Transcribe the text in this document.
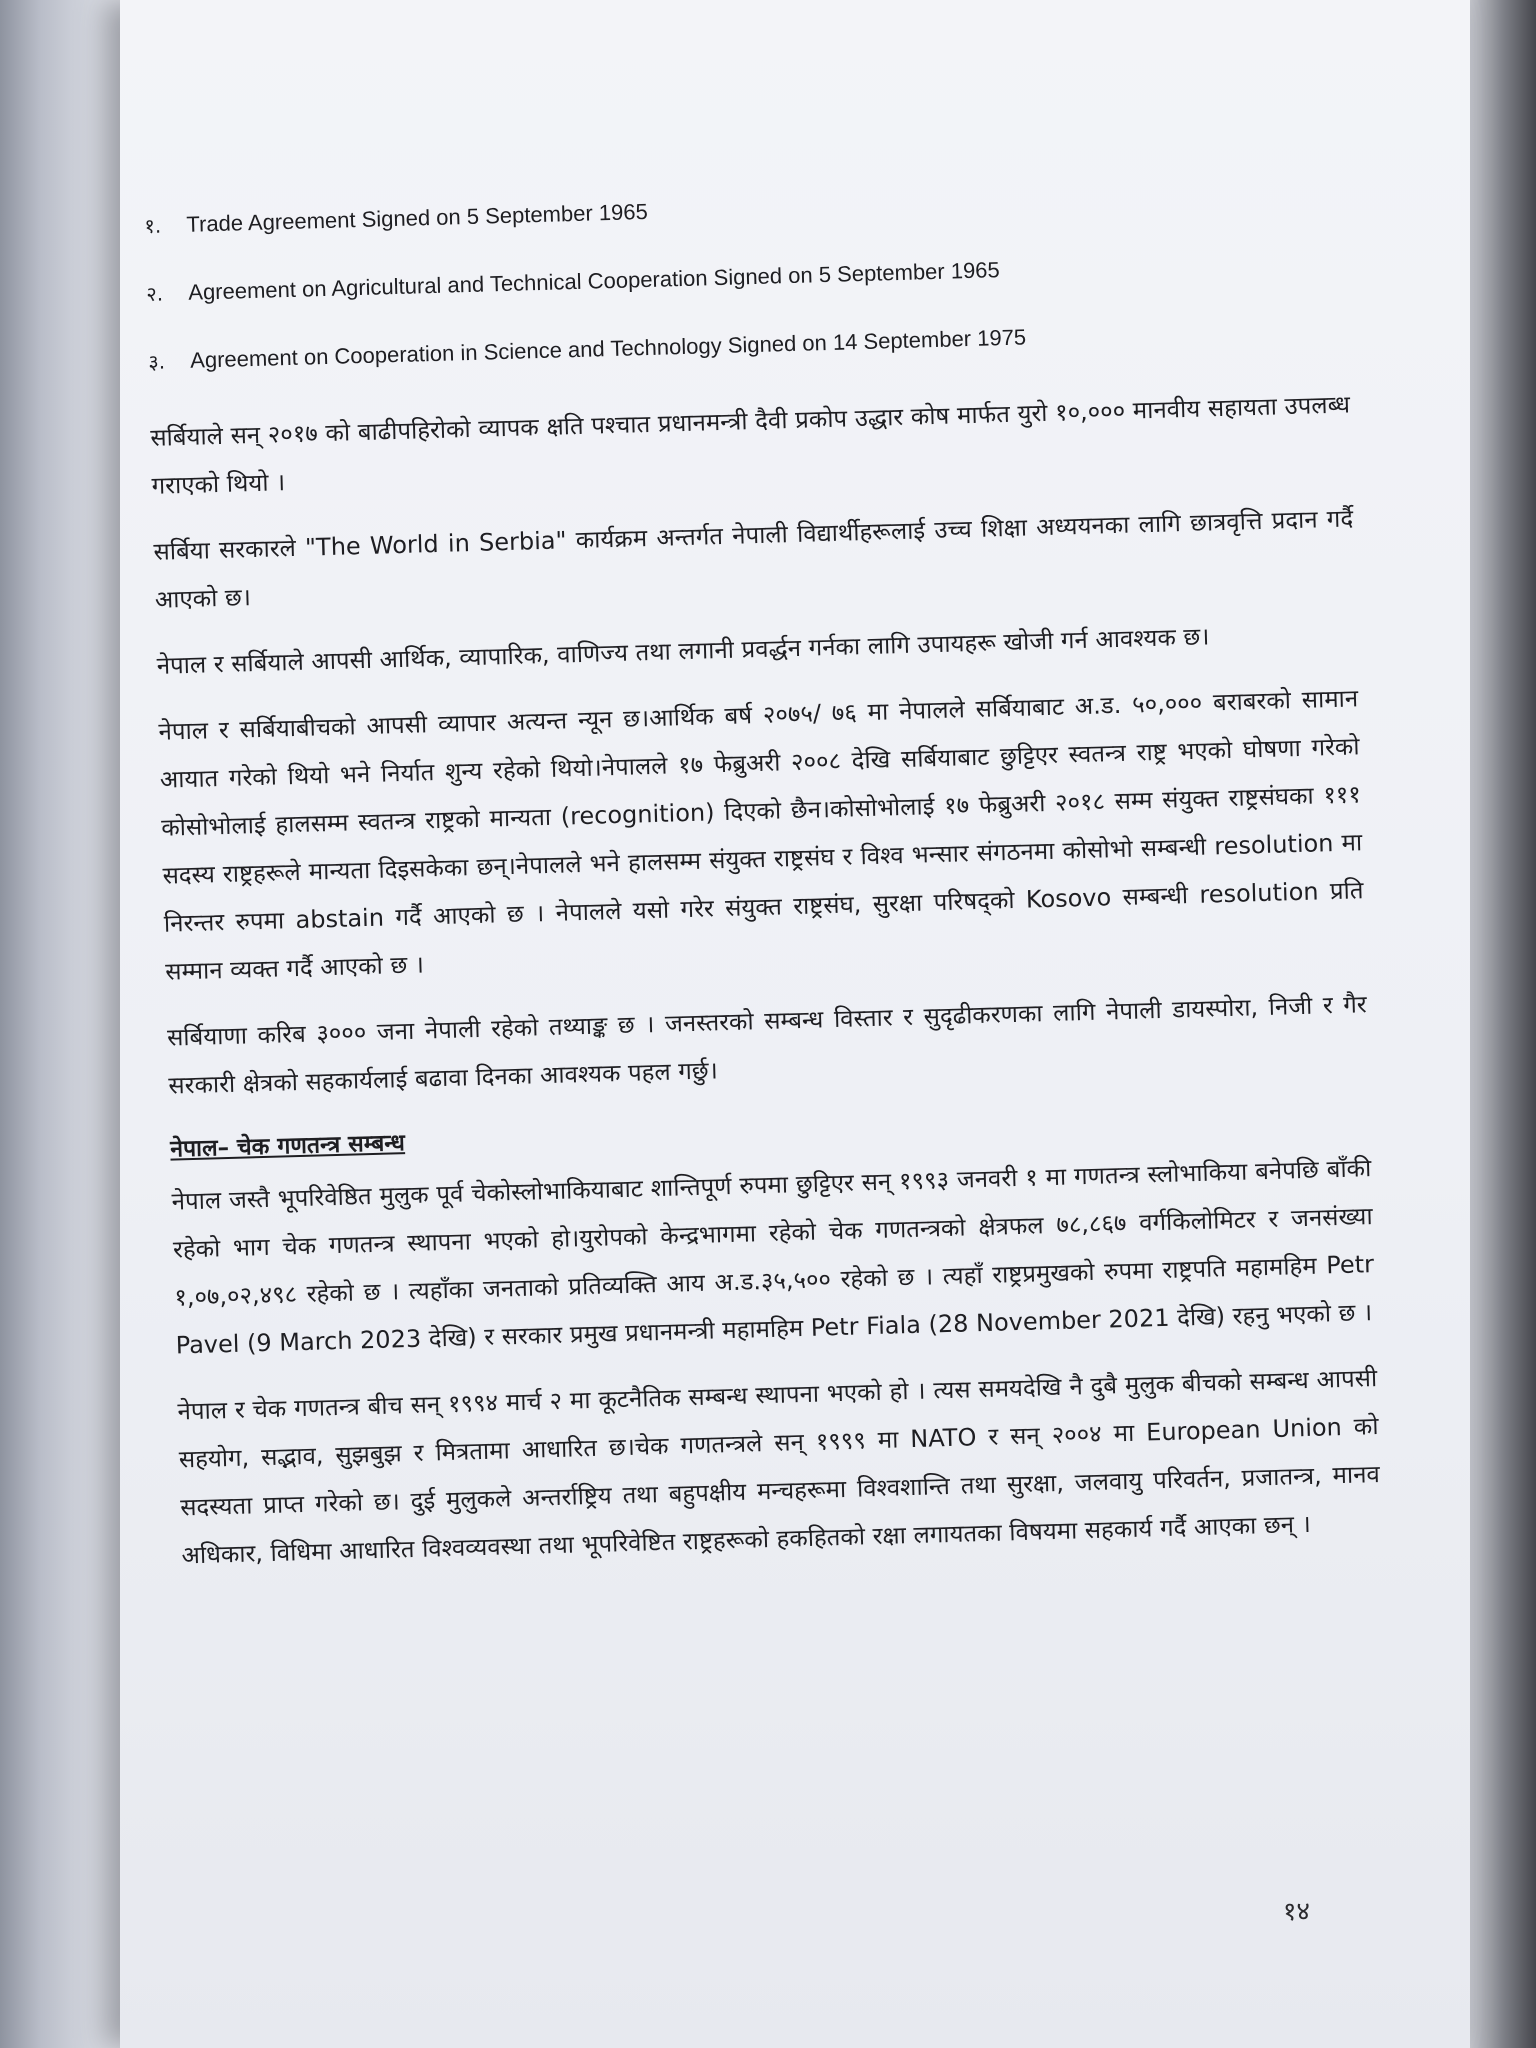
१.	Trade Agreement Signed on 5 September 1965
२.	Agreement on Agricultural and Technical Cooperation Signed on 5 September 1965
३.	Agreement on Cooperation in Science and Technology Signed on 14 September 1975

सर्बियाले सन् २०१७ को बाढीपहिरोको व्यापक क्षति पश्चात प्रधानमन्त्री दैवी प्रकोप उद्धार कोष मार्फत युरो १०,००० मानवीय सहायता उपलब्ध गराएको थियो ।

सर्बिया सरकारले "The World in Serbia" कार्यक्रम अन्तर्गत नेपाली विद्यार्थीहरूलाई उच्च शिक्षा अध्ययनका लागि छात्रवृत्ति प्रदान गर्दै आएको छ।

नेपाल र सर्बियाले आपसी आर्थिक, व्यापारिक, वाणिज्य तथा लगानी प्रवर्द्धन गर्नका लागि उपायहरू खोजी गर्न आवश्यक छ।

नेपाल र सर्बियाबीचको आपसी व्यापार अत्यन्त न्यून छ।आर्थिक बर्ष २०७५/ ७६ मा नेपालले सर्बियाबाट अ.ड. ५०,००० बराबरको सामान आयात गरेको थियो भने निर्यात शुन्य रहेको थियो।नेपालले १७ फेब्रुअरी २००८ देखि सर्बियाबाट छुट्टिएर स्वतन्त्र राष्ट्र भएको घोषणा गरेको कोसोभोलाई हालसम्म स्वतन्त्र राष्ट्रको मान्यता (recognition) दिएको छैन।कोसोभोलाई १७ फेब्रुअरी २०१८ सम्म संयुक्त राष्ट्रसंघका १११ सदस्य राष्ट्रहरूले मान्यता दिइसकेका छन्।नेपालले भने हालसम्म संयुक्त राष्ट्रसंघ र विश्व भन्सार संगठनमा कोसोभो सम्बन्धी resolution मा निरन्तर रुपमा abstain गर्दै आएको छ । नेपालले यसो गरेर संयुक्त राष्ट्रसंघ, सुरक्षा परिषद्को Kosovo सम्बन्धी resolution प्रति सम्मान व्यक्त गर्दै आएको छ ।

सर्बियाणा करिब ३००० जना नेपाली रहेको तथ्याङ्क छ । जनस्तरको सम्बन्ध विस्तार र सुदृढीकरणका लागि नेपाली डायस्पोरा, निजी र गैर सरकारी क्षेत्रको सहकार्यलाई बढावा दिनका आवश्यक पहल गर्छु।

नेपाल– चेक गणतन्त्र सम्बन्ध

नेपाल जस्तै भूपरिवेष्ठित मुलुक पूर्व चेकोस्लोभाकियाबाट शान्तिपूर्ण रुपमा छुट्टिएर सन् १९९३ जनवरी १ मा गणतन्त्र स्लोभाकिया बनेपछि बाँकी रहेको भाग चेक गणतन्त्र स्थापना भएको हो।युरोपको केन्द्रभागमा रहेको चेक गणतन्त्रको क्षेत्रफल ७८,८६७ वर्गकिलोमिटर र जनसंख्या १,०७,०२,४९८ रहेको छ । त्यहाँका जनताको प्रतिव्यक्ति आय अ.ड.३५,५०० रहेको छ । त्यहाँ राष्ट्रप्रमुखको रुपमा राष्ट्रपति महामहिम Petr Pavel (9 March 2023 देखि) र सरकार प्रमुख प्रधानमन्त्री महामहिम Petr Fiala (28 November 2021 देखि) रहनु भएको छ ।

नेपाल र चेक गणतन्त्र बीच सन् १९९४ मार्च २ मा कूटनैतिक सम्बन्ध स्थापना भएको हो । त्यस समयदेखि नै दुबै मुलुक बीचको सम्बन्ध आपसी सहयोग, सद्भाव, सुझबुझ र मित्रतामा आधारित छ।चेक गणतन्त्रले सन् १९९९ मा NATO र सन् २००४ मा European Union को सदस्यता प्राप्त गरेको छ। दुई मुलुकले अन्तर्राष्ट्रिय तथा बहुपक्षीय मन्चहरूमा विश्वशान्ति तथा सुरक्षा, जलवायु परिवर्तन, प्रजातन्त्र, मानव अधिकार, विधिमा आधारित विश्वव्यवस्था तथा भूपरिवेष्टित राष्ट्रहरूको हकहितको रक्षा लगायतका विषयमा सहकार्य गर्दै आएका छन् ।

१४
